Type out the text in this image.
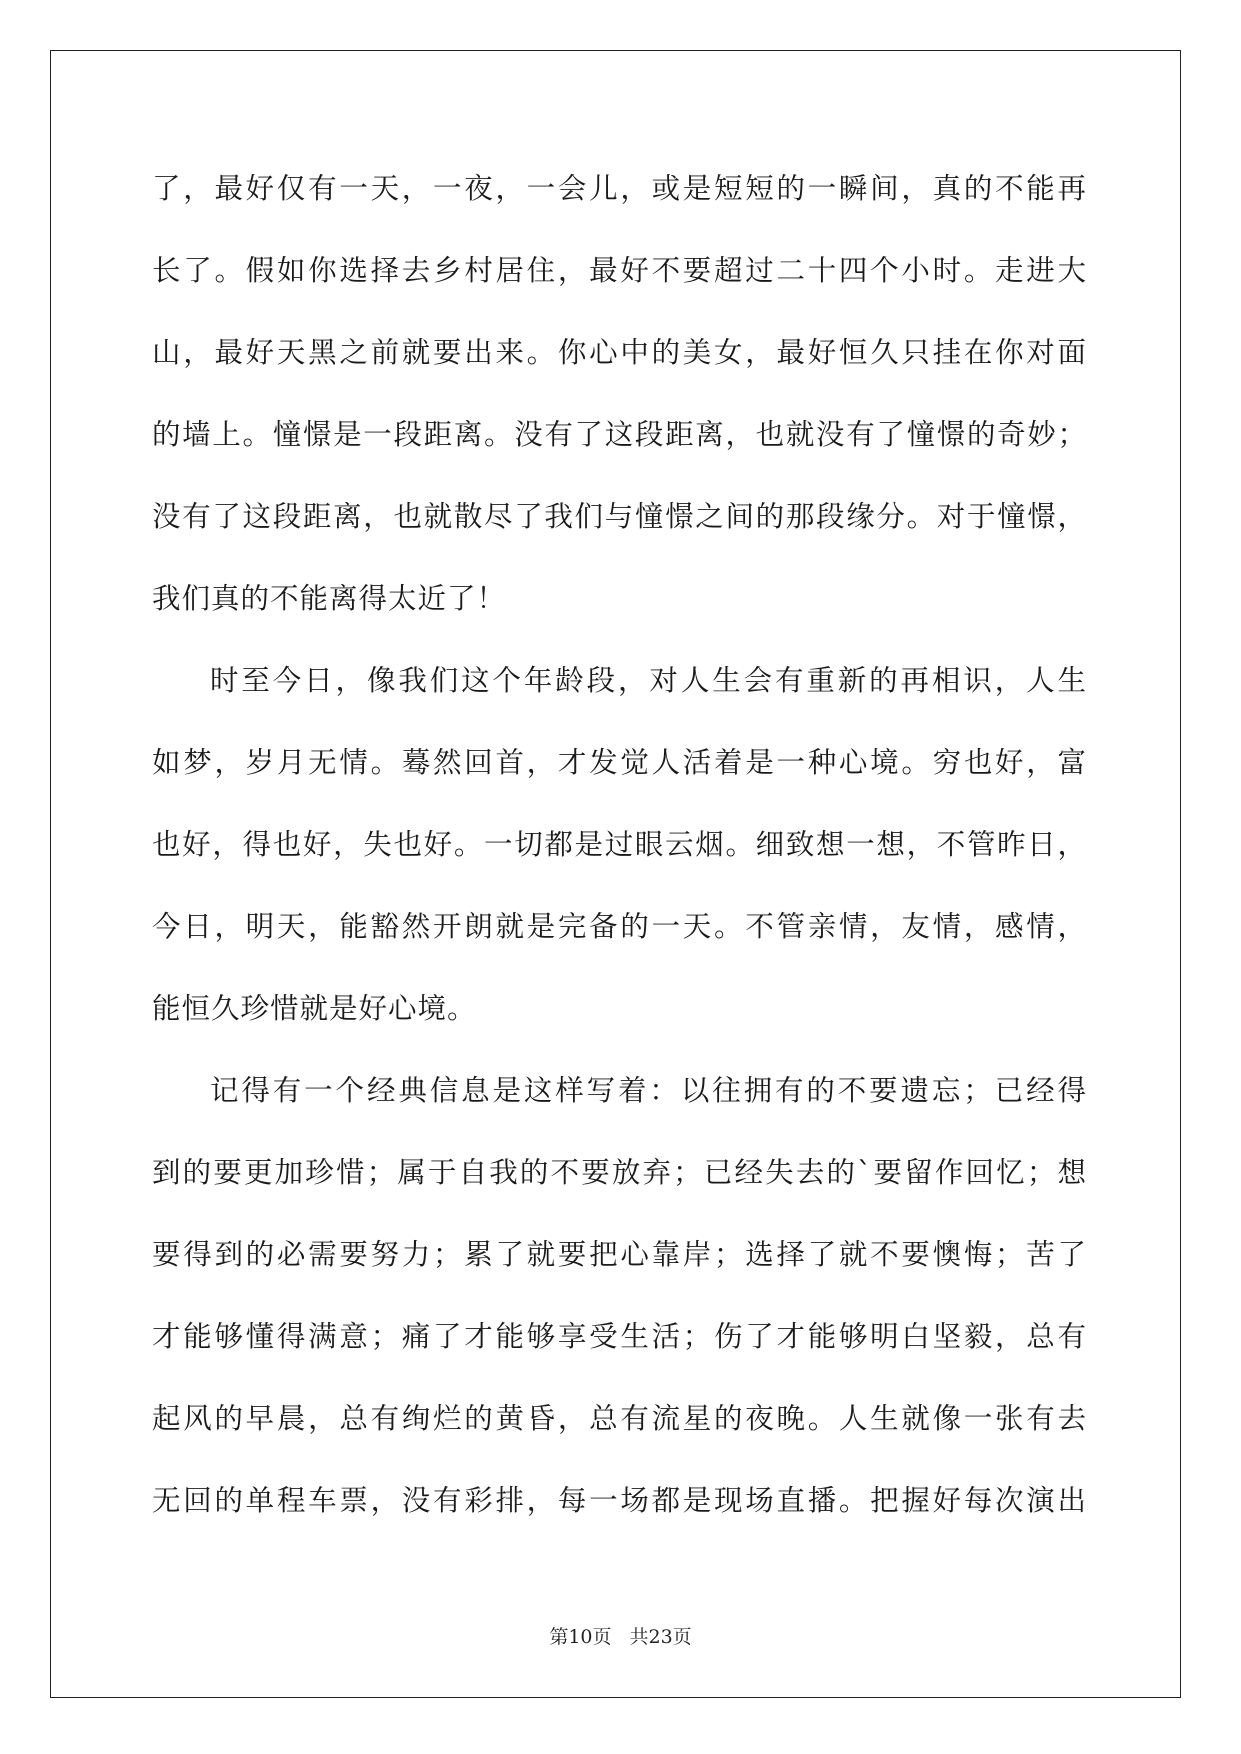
了，最好仅有一天，一夜，一会儿，或是短短的一瞬间，真的不能再
长了。假如你选择去乡村居住，最好不要超过二十四个小时。走进大
山，最好天黑之前就要出来。你心中的美女，最好恒久只挂在你对面
的墙上。憧憬是一段距离。没有了这段距离，也就没有了憧憬的奇妙；
没有了这段距离，也就散尽了我们与憧憬之间的那段缘分。对于憧憬，
我们真的不能离得太近了！
时至今日，像我们这个年龄段，对人生会有重新的再相识，人生
如梦，岁月无情。蓦然回首，才发觉人活着是一种心境。穷也好，富
也好，得也好，失也好。一切都是过眼云烟。细致想一想，不管昨日，
今日，明天，能豁然开朗就是完备的一天。不管亲情，友情，感情，
能恒久珍惜就是好心境。
记得有一个经典信息是这样写着：以往拥有的不要遗忘；已经得
到的要更加珍惜；属于自我的不要放弃；已经失去的`要留作回忆；想
要得到的必需要努力；累了就要把心靠岸；选择了就不要懊悔；苦了
才能够懂得满意；痛了才能够享受生活；伤了才能够明白坚毅，总有
起风的早晨，总有绚烂的黄昏，总有流星的夜晚。人生就像一张有去
无回的单程车票，没有彩排，每一场都是现场直播。把握好每次演出
第10页 共23页
